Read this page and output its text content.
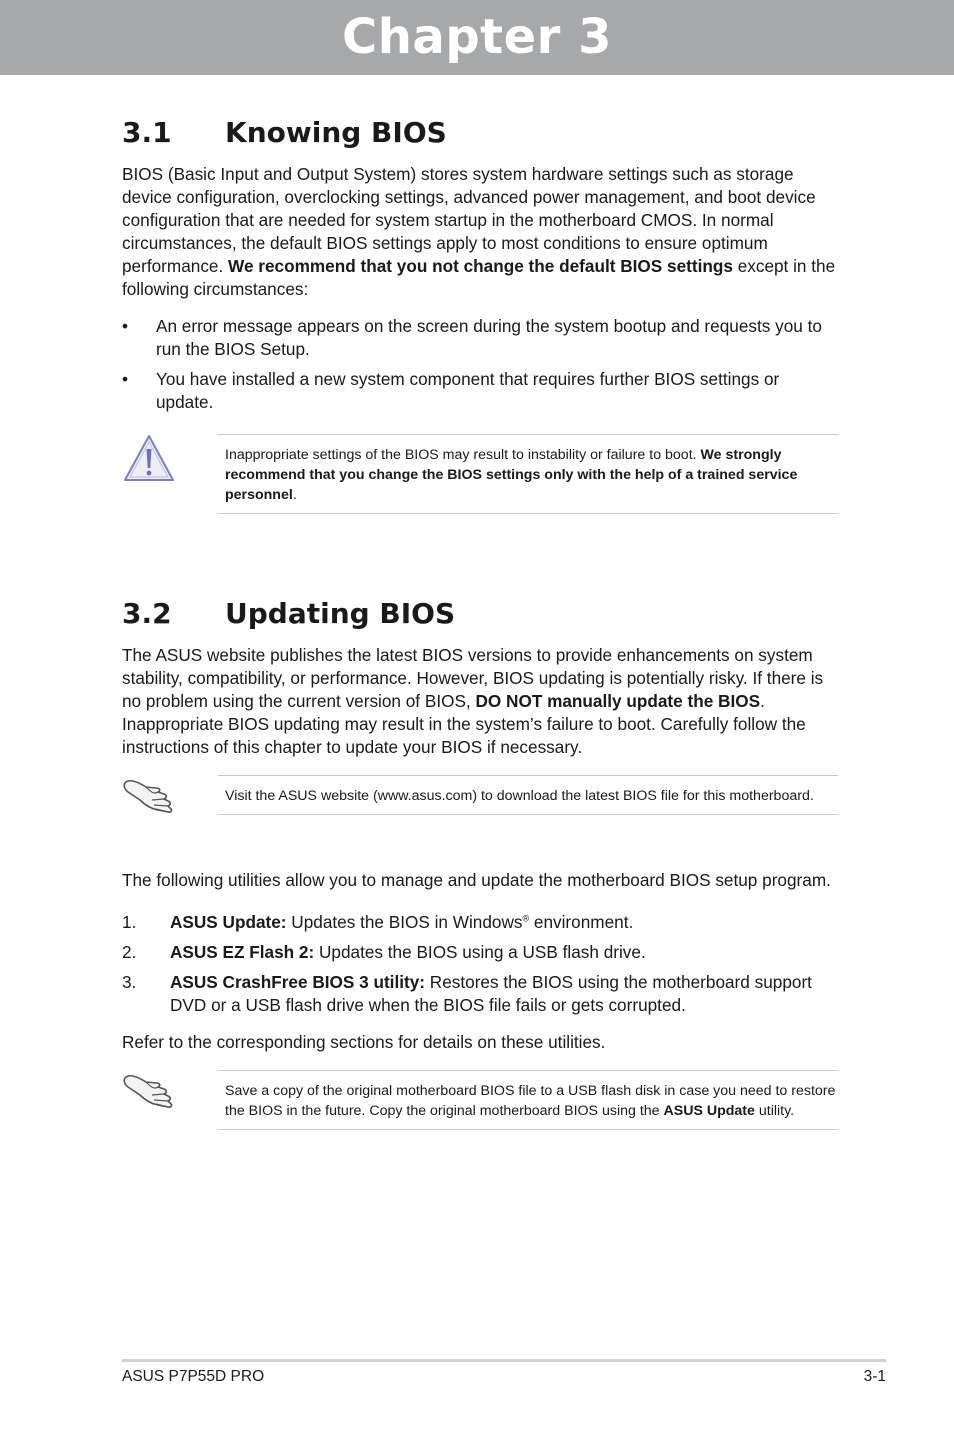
Chapter 3
3.1 Knowing BIOS

BIOS (Basic Input and Output System) stores system hardware settings such as storage device configuration, overclocking settings, advanced power management, and boot device configuration that are needed for system startup in the motherboard CMOS. In normal circumstances, the default BIOS settings apply to most conditions to ensure optimum performance. We recommend that you not change the default BIOS settings except in the following circumstances:

• An error message appears on the screen during the system bootup and requests you to run the BIOS Setup.
• You have installed a new system component that requires further BIOS settings or update.
Inappropriate settings of the BIOS may result to instability or failure to boot. We strongly recommend that you change the BIOS settings only with the help of a trained service personnel.
3.2 Updating BIOS

The ASUS website publishes the latest BIOS versions to provide enhancements on system stability, compatibility, or performance. However, BIOS updating is potentially risky. If there is no problem using the current version of BIOS, DO NOT manually update the BIOS. Inappropriate BIOS updating may result in the system’s failure to boot. Carefully follow the instructions of this chapter to update your BIOS if necessary.

Visit the ASUS website (www.asus.com) to download the latest BIOS file for this motherboard.

The following utilities allow you to manage and update the motherboard BIOS setup program.

1. ASUS Update: Updates the BIOS in Windows® environment.
2. ASUS EZ Flash 2: Updates the BIOS using a USB flash drive.
3. ASUS CrashFree BIOS 3 utility: Restores the BIOS using the motherboard support DVD or a USB flash drive when the BIOS file fails or gets corrupted.

Refer to the corresponding sections for details on these utilities.

Save a copy of the original motherboard BIOS file to a USB flash disk in case you need to restore the BIOS in the future. Copy the original motherboard BIOS using the ASUS Update utility.
ASUS P7P55D PRO	3-1
